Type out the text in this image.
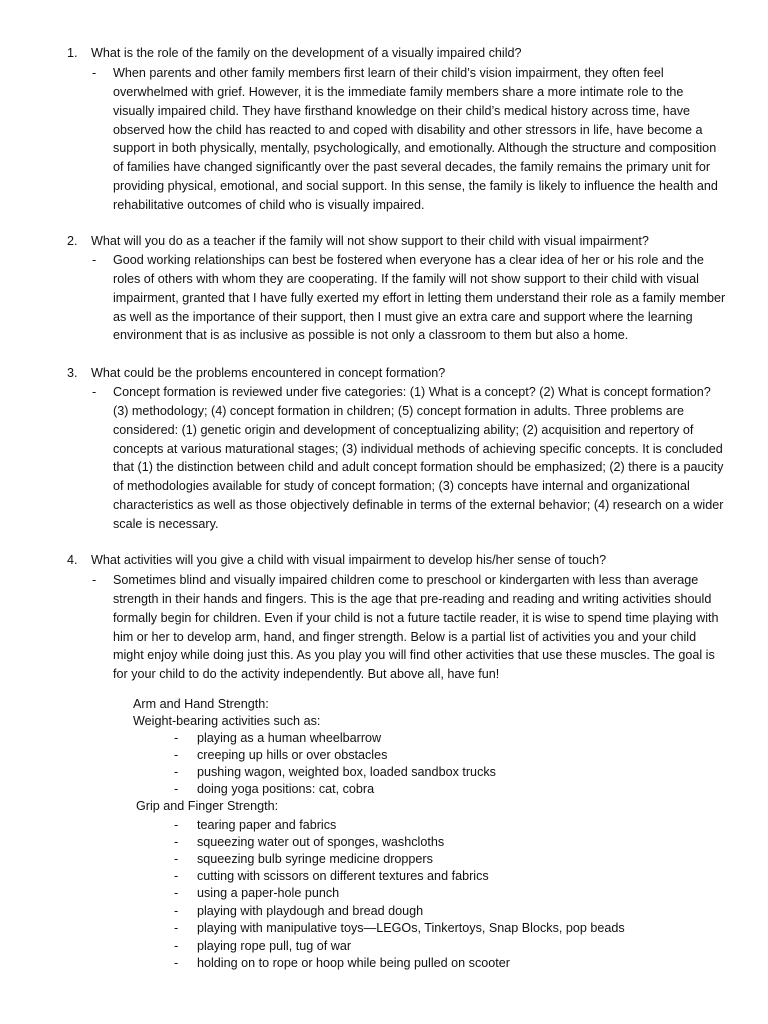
1. What is the role of the family on the development of a visually impaired child?
- When parents and other family members first learn of their child’s vision impairment, they often feel overwhelmed with grief. However, it is the immediate family members share a more intimate role to the visually impaired child. They have firsthand knowledge on their child’s medical history across time, have observed how the child has reacted to and coped with disability and other stressors in life, have become a support in both physically, mentally, psychologically, and emotionally. Although the structure and composition of families have changed significantly over the past several decades, the family remains the primary unit for providing physical, emotional, and social support. In this sense, the family is likely to influence the health and rehabilitative outcomes of child who is visually impaired.
2. What will you do as a teacher if the family will not show support to their child with visual impairment?
- Good working relationships can best be fostered when everyone has a clear idea of her or his role and the roles of others with whom they are cooperating. If the family will not show support to their child with visual impairment, granted that I have fully exerted my effort in letting them understand their role as a family member as well as the importance of their support, then I must give an extra care and support where the learning environment that is as inclusive as possible is not only a classroom to them but also a home.
3. What could be the problems encountered in concept formation?
- Concept formation is reviewed under five categories: (1) What is a concept? (2) What is concept formation? (3) methodology; (4) concept formation in children; (5) concept formation in adults. Three problems are considered: (1) genetic origin and development of conceptualizing ability; (2) acquisition and repertory of concepts at various maturational stages; (3) individual methods of achieving specific concepts. It is concluded that (1) the distinction between child and adult concept formation should be emphasized; (2) there is a paucity of methodologies available for study of concept formation; (3) concepts have internal and organizational characteristics as well as those objectively definable in terms of the external behavior; (4) research on a wider scale is necessary.
4. What activities will you give a child with visual impairment to develop his/her sense of touch?
- Sometimes blind and visually impaired children come to preschool or kindergarten with less than average strength in their hands and fingers. This is the age that pre-reading and reading and writing activities should formally begin for children. Even if your child is not a future tactile reader, it is wise to spend time playing with him or her to develop arm, hand, and finger strength. Below is a partial list of activities you and your child might enjoy while doing just this. As you play you will find other activities that use these muscles. The goal is for your child to do the activity independently. But above all, have fun!
Arm and Hand Strength:
Weight-bearing activities such as:
- playing as a human wheelbarrow
- creeping up hills or over obstacles
- pushing wagon, weighted box, loaded sandbox trucks
- doing yoga positions: cat, cobra
Grip and Finger Strength:
- tearing paper and fabrics
- squeezing water out of sponges, washcloths
- squeezing bulb syringe medicine droppers
- cutting with scissors on different textures and fabrics
- using a paper-hole punch
- playing with playdough and bread dough
- playing with manipulative toys—LEGOs, Tinkertoys, Snap Blocks, pop beads
- playing rope pull, tug of war
- holding on to rope or hoop while being pulled on scooter
